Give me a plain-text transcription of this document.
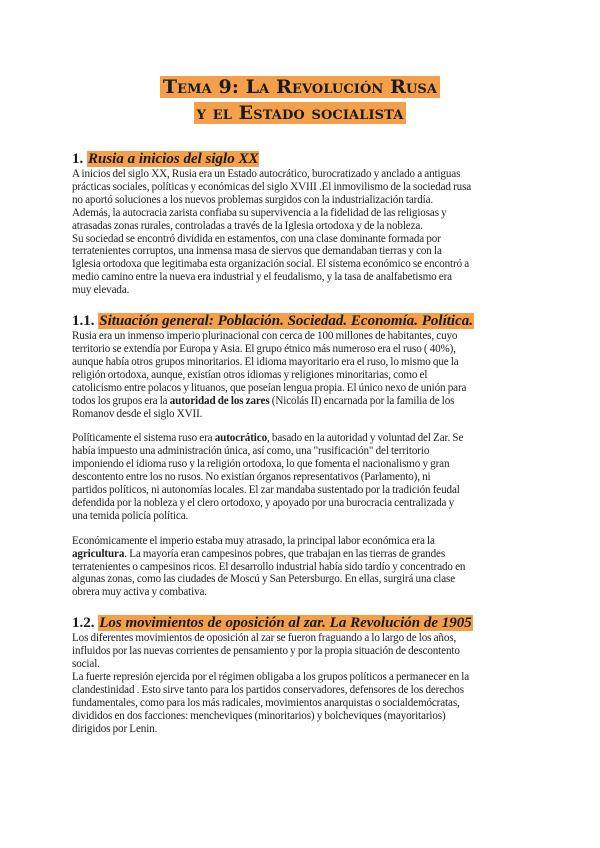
Tema 9: La Revolución Rusa
y el Estado socialista
1. Rusia a inicios del siglo XX

A inicios del siglo XX, Rusia era un Estado autocrático, burocratizado y anclado a antiguas

prácticas sociales, políticas y económicas del siglo XVIII .El inmovilismo de la sociedad rusa

no aportó soluciones a los nuevos problemas surgidos con la industrialización tardía.

Además, la autocracia zarista confiaba su supervivencia a la fidelidad de las religiosas y

atrasadas zonas rurales, controladas a través de la Iglesia ortodoxa y de la nobleza.

Su sociedad se encontró dividida en estamentos, con una clase dominante formada por

terratenientes corruptos, una inmensa masa de siervos que demandaban tierras y con la

Iglesia ortodoxa que legitimaba esta organización social. El sistema económico se encontró a

medio camino entre la nueva era industrial y el feudalismo, y la tasa de analfabetismo era

muy elevada.

1.1. Situación general: Población. Sociedad. Economía. Política.

Rusia era un inmenso imperio plurinacional con cerca de 100 millones de habitantes, cuyo

territorio se extendía por Europa y Asia. El grupo étnico más numeroso era el ruso ( 40%),

aunque había otros grupos minoritarios. El idioma mayoritario era el ruso, lo mismo que la

religión ortodoxa, aunque, existían otros idiomas y religiones minoritarias, como el

catolicismo entre polacos y lituanos, que poseían lengua propia. El único nexo de unión para

todos los grupos era la autoridad de los zares (Nicolás II) encarnada por la familia de los

Romanov desde el siglo XVII.

Políticamente el sistema ruso era autocrático, basado en la autoridad y voluntad del Zar. Se

había impuesto una administración única, así como, una "rusificación" del territorio

imponiendo el idioma ruso y la religión ortodoxa, lo que fomenta el nacionalismo y gran

descontento entre los no rusos. No existían órganos representativos (Parlamento), ni

partidos políticos, ni autonomías locales. El zar mandaba sustentado por la tradición feudal

defendida por la nobleza y el clero ortodoxo, y apoyado por una burocracia centralizada y

una temida policía política.

Económicamente el imperio estaba muy atrasado, la principal labor económica era la

agricultura. La mayoría eran campesinos pobres, que trabajan en las tierras de grandes

terratenientes o campesinos ricos. El desarrollo industrial había sido tardío y concentrado en

algunas zonas, como las ciudades de Moscú y San Petersburgo. En ellas, surgirá una clase

obrera muy activa y combativa.

1.2. Los movimientos de oposición al zar. La Revolución de 1905

Los diferentes movimientos de oposición al zar se fueron fraguando a lo largo de los años,

influidos por las nuevas corrientes de pensamiento y por la propia situación de descontento

social.

La fuerte represión ejercida por el régimen obligaba a los grupos políticos a permanecer en la

clandestinidad . Esto sirve tanto para los partidos conservadores, defensores de los derechos

fundamentales, como para los más radicales, movimientos anarquistas o socialdemócratas,

divididos en dos facciones: mencheviques (minoritarios) y bolcheviques (mayoritarios)

dirigidos por Lenin.
